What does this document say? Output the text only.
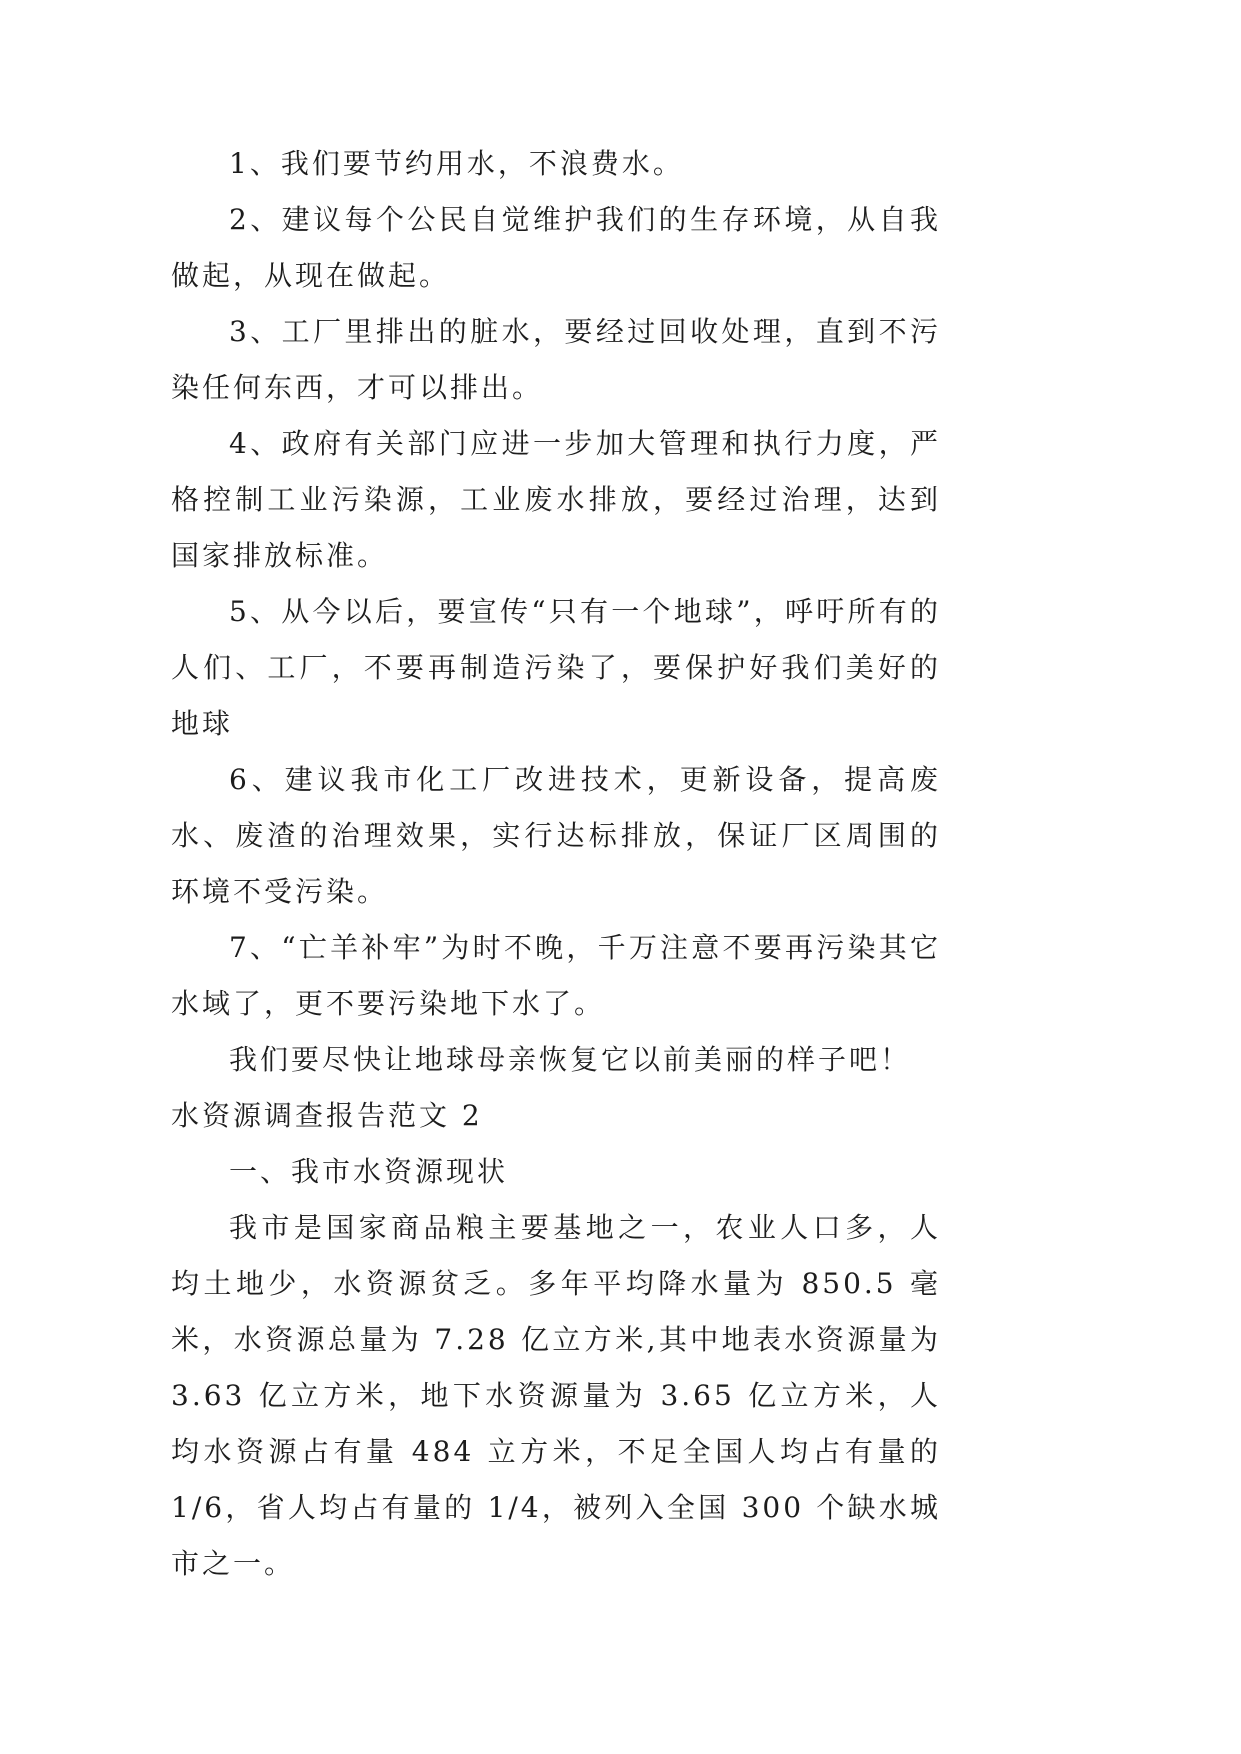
1、我们要节约用水，不浪费水。

2、建议每个公民自觉维护我们的生存环境，从自我做起，从现在做起。

3、工厂里排出的脏水，要经过回收处理，直到不污染任何东西，才可以排出。

4、政府有关部门应进一步加大管理和执行力度，严格控制工业污染源，工业废水排放，要经过治理，达到国家排放标准。

5、从今以后，要宣传“只有一个地球”，呼吁所有的人们、工厂，不要再制造污染了，要保护好我们美好的地球

6、建议我市化工厂改进技术，更新设备，提高废水、废渣的治理效果，实行达标排放，保证厂区周围的环境不受污染。

7、“亡羊补牢”为时不晚，千万注意不要再污染其它水域了，更不要污染地下水了。

我们要尽快让地球母亲恢复它以前美丽的样子吧！

水资源调查报告范文 2

一、我市水资源现状

我市是国家商品粮主要基地之一，农业人口多，人均土地少，水资源贫乏。多年平均降水量为 850.5 毫米，水资源总量为 7.28 亿立方米,其中地表水资源量为 3.63 亿立方米，地下水资源量为 3.65 亿立方米，人均水资源占有量 484 立方米，不足全国人均占有量的 1/6，省人均占有量的 1/4，被列入全国 300 个缺水城市之一。
